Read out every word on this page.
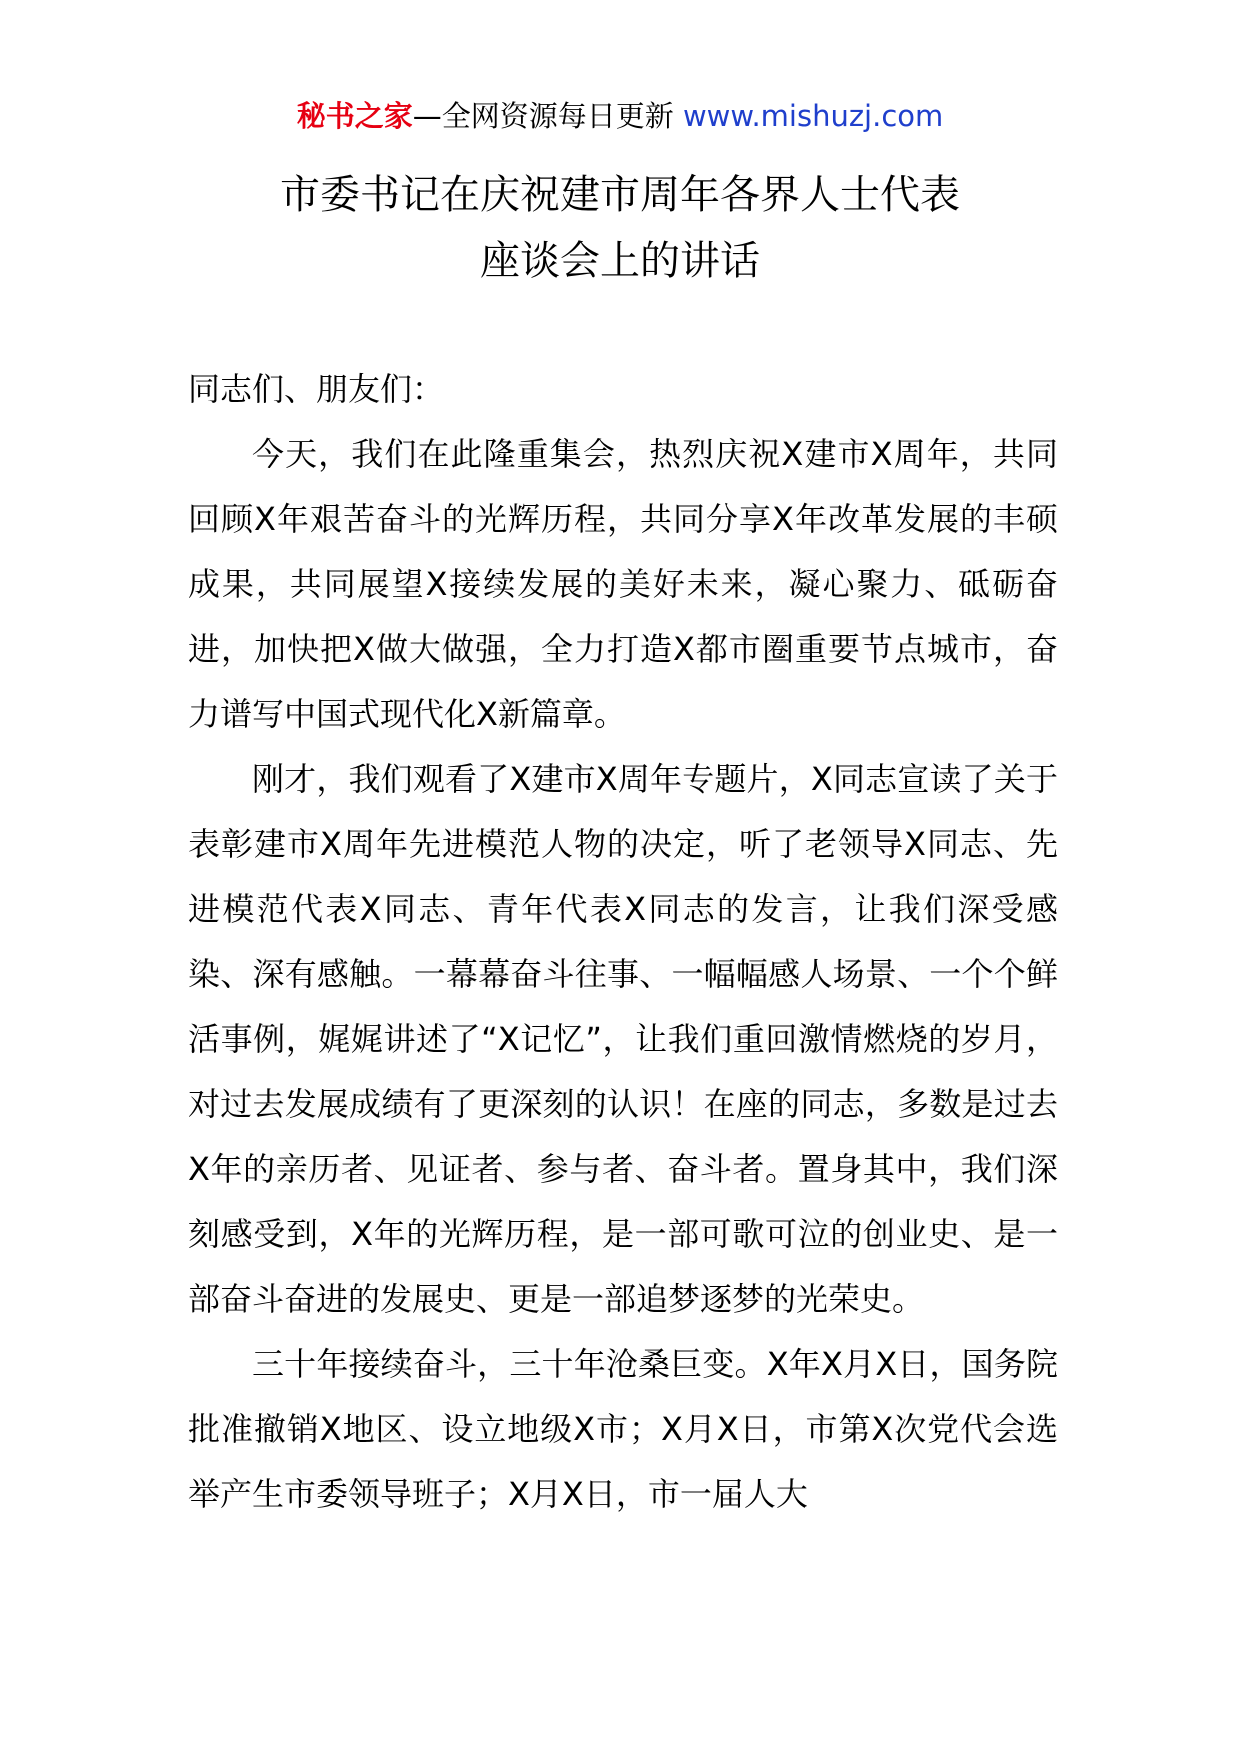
秘书之家—全网资源每日更新 www.mishuzj.com
市委书记在庆祝建市周年各界人士代表
座谈会上的讲话

同志们、朋友们：

今天，我们在此隆重集会，热烈庆祝X建市X周年，共同回顾X年艰苦奋斗的光辉历程，共同分享X年改革发展的丰硕成果，共同展望X接续发展的美好未来，凝心聚力、砥砺奋进，加快把X做大做强，全力打造X都市圈重要节点城市，奋力谱写中国式现代化X新篇章。

刚才，我们观看了X建市X周年专题片，X同志宣读了关于表彰建市X周年先进模范人物的决定，听了老领导X同志、先进模范代表X同志、青年代表X同志的发言，让我们深受感染、深有感触。一幕幕奋斗往事、一幅幅感人场景、一个个鲜活事例，娓娓讲述了“X记忆”，让我们重回激情燃烧的岁月，对过去发展成绩有了更深刻的认识！在座的同志，多数是过去X年的亲历者、见证者、参与者、奋斗者。置身其中，我们深刻感受到，X年的光辉历程，是一部可歌可泣的创业史、是一部奋斗奋进的发展史、更是一部追梦逐梦的光荣史。

三十年接续奋斗，三十年沧桑巨变。X年X月X日，国务院批准撤销X地区、设立地级X市；X月X日，市第X次党代会选举产生市委领导班子；X月X日，市一届人大
